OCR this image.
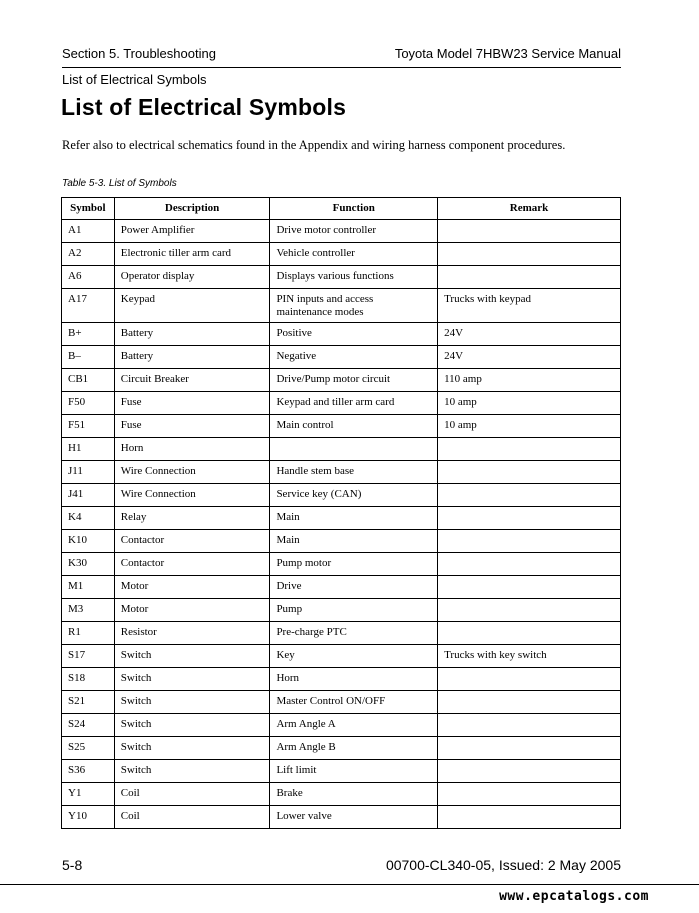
Section 5. Troubleshooting	Toyota Model 7HBW23 Service Manual
List of Electrical Symbols
List of Electrical Symbols

Refer also to electrical schematics found in the Appendix and wiring harness component procedures.

Table 5-3. List of Symbols
Symbol	Description	Function	Remark
A1	Power Amplifier	Drive motor controller	
A2	Electronic tiller arm card	Vehicle controller	
A6	Operator display	Displays various functions	
A17	Keypad	PIN inputs and access maintenance modes	Trucks with keypad
B+	Battery	Positive	24V
B–	Battery	Negative	24V
CB1	Circuit Breaker	Drive/Pump motor circuit	110 amp
F50	Fuse	Keypad and tiller arm card	10 amp
F51	Fuse	Main control	10 amp
H1	Horn		
J11	Wire Connection	Handle stem base	
J41	Wire Connection	Service key (CAN)	
K4	Relay	Main	
K10	Contactor	Main	
K30	Contactor	Pump motor	
M1	Motor	Drive	
M3	Motor	Pump	
R1	Resistor	Pre-charge PTC	
S17	Switch	Key	Trucks with key switch
S18	Switch	Horn	
S21	Switch	Master Control ON/OFF	
S24	Switch	Arm Angle A	
S25	Switch	Arm Angle B	
S36	Switch	Lift limit	
Y1	Coil	Brake	
Y10	Coil	Lower valve	
5-8	00700-CL340-05, Issued: 2 May 2005
www.epcatalogs.com
